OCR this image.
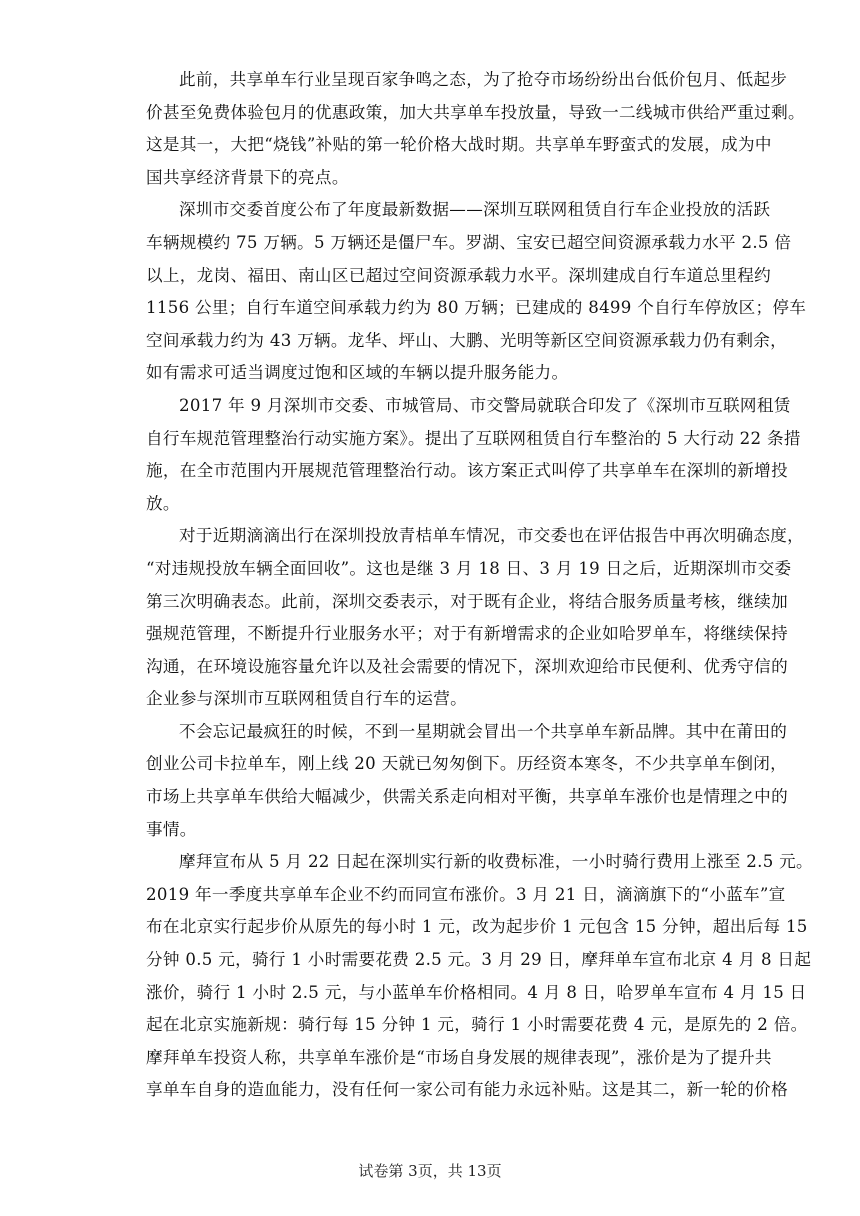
此前，共享单车行业呈现百家争鸣之态，为了抢夺市场纷纷出台低价包月、低起步
价甚至免费体验包月的优惠政策，加大共享单车投放量，导致一二线城市供给严重过剩。
这是其一，大把“烧钱”补贴的第一轮价格大战时期。共享单车野蛮式的发展，成为中
国共享经济背景下的亮点。

深圳市交委首度公布了年度最新数据——深圳互联网租赁自行车企业投放的活跃
车辆规模约 75 万辆。5 万辆还是僵尸车。罗湖、宝安已超空间资源承载力水平 2.5 倍
以上，龙岗、福田、南山区已超过空间资源承载力水平。深圳建成自行车道总里程约
1156 公里；自行车道空间承载力约为 80 万辆；已建成的 8499 个自行车停放区；停车
空间承载力约为 43 万辆。龙华、坪山、大鹏、光明等新区空间资源承载力仍有剩余，
如有需求可适当调度过饱和区域的车辆以提升服务能力。

2017 年 9 月深圳市交委、市城管局、市交警局就联合印发了《深圳市互联网租赁
自行车规范管理整治行动实施方案》。提出了互联网租赁自行车整治的 5 大行动 22 条措
施，在全市范围内开展规范管理整治行动。该方案正式叫停了共享单车在深圳的新增投
放。

对于近期滴滴出行在深圳投放青桔单车情况，市交委也在评估报告中再次明确态度，
“对违规投放车辆全面回收”。这也是继 3 月 18 日、3 月 19 日之后，近期深圳市交委
第三次明确表态。此前，深圳交委表示，对于既有企业，将结合服务质量考核，继续加
强规范管理，不断提升行业服务水平；对于有新增需求的企业如哈罗单车，将继续保持
沟通，在环境设施容量允许以及社会需要的情况下，深圳欢迎给市民便利、优秀守信的
企业参与深圳市互联网租赁自行车的运营。

不会忘记最疯狂的时候，不到一星期就会冒出一个共享单车新品牌。其中在莆田的
创业公司卡拉单车，刚上线 20 天就已匆匆倒下。历经资本寒冬，不少共享单车倒闭，
市场上共享单车供给大幅减少，供需关系走向相对平衡，共享单车涨价也是情理之中的
事情。

摩拜宣布从 5 月 22 日起在深圳实行新的收费标准，一小时骑行费用上涨至 2.5 元。
2019 年一季度共享单车企业不约而同宣布涨价。3 月 21 日，滴滴旗下的“小蓝车”宣
布在北京实行起步价从原先的每小时 1 元，改为起步价 1 元包含 15 分钟，超出后每 15
分钟 0.5 元，骑行 1 小时需要花费 2.5 元。3 月 29 日，摩拜单车宣布北京 4 月 8 日起
涨价，骑行 1 小时 2.5 元，与小蓝单车价格相同。4 月 8 日，哈罗单车宣布 4 月 15 日
起在北京实施新规：骑行每 15 分钟 1 元，骑行 1 小时需要花费 4 元，是原先的 2 倍。
摩拜单车投资人称，共享单车涨价是“市场自身发展的规律表现”，涨价是为了提升共
享单车自身的造血能力，没有任何一家公司有能力永远补贴。这是其二，新一轮的价格

试卷第 3页，共 13页
